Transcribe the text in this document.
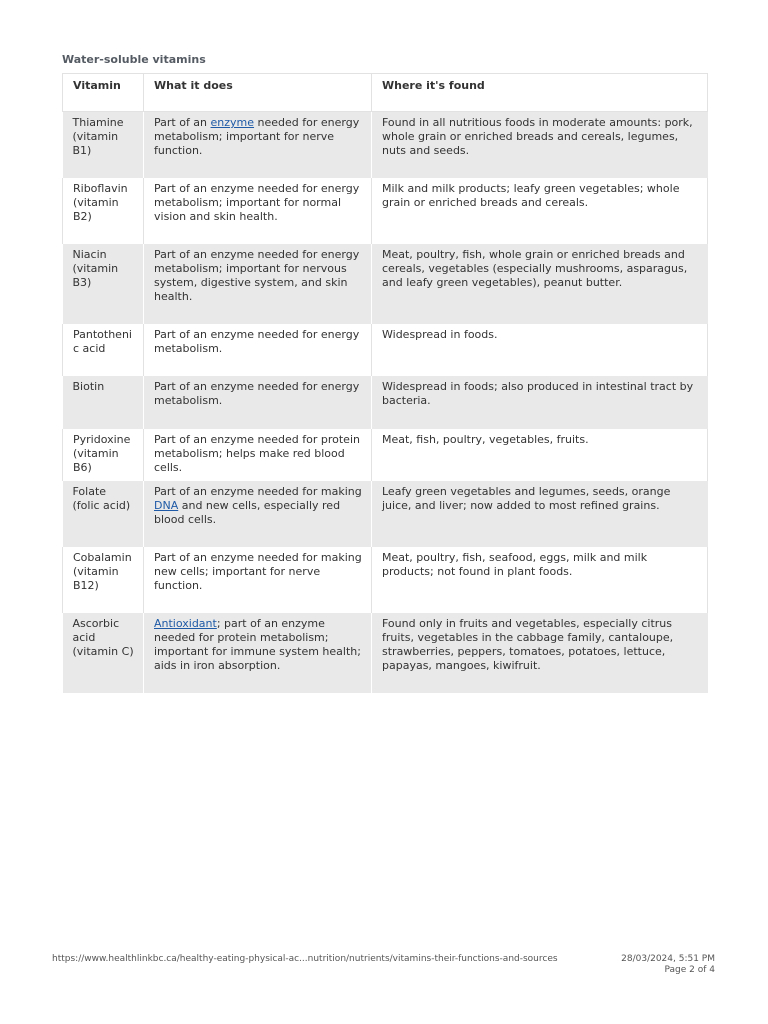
Water-soluble vitamins
Vitamin	What it does	Where it's found
Thiamine (vitamin B1)	Part of an enzyme needed for energy metabolism; important for nerve function.	Found in all nutritious foods in moderate amounts: pork, whole grain or enriched breads and cereals, legumes, nuts and seeds.
Riboflavin (vitamin B2)	Part of an enzyme needed for energy metabolism; important for normal vision and skin health.	Milk and milk products; leafy green vegetables; whole grain or enriched breads and cereals.
Niacin (vitamin B3)	Part of an enzyme needed for energy metabolism; important for nervous system, digestive system, and skin health.	Meat, poultry, fish, whole grain or enriched breads and cereals, vegetables (especially mushrooms, asparagus, and leafy green vegetables), peanut butter.
Pantothenic acid	Part of an enzyme needed for energy metabolism.	Widespread in foods.
Biotin	Part of an enzyme needed for energy metabolism.	Widespread in foods; also produced in intestinal tract by bacteria.
Pyridoxine (vitamin B6)	Part of an enzyme needed for protein metabolism; helps make red blood cells.	Meat, fish, poultry, vegetables, fruits.
Folate (folic acid)	Part of an enzyme needed for making DNA and new cells, especially red blood cells.	Leafy green vegetables and legumes, seeds, orange juice, and liver; now added to most refined grains.
Cobalamin (vitamin B12)	Part of an enzyme needed for making new cells; important for nerve function.	Meat, poultry, fish, seafood, eggs, milk and milk products; not found in plant foods.
Ascorbic acid (vitamin C)	Antioxidant; part of an enzyme needed for protein metabolism; important for immune system health; aids in iron absorption.	Found only in fruits and vegetables, especially citrus fruits, vegetables in the cabbage family, cantaloupe, strawberries, peppers, tomatoes, potatoes, lettuce, papayas, mangoes, kiwifruit.
https://www.healthlinkbc.ca/healthy-eating-physical-ac...nutrition/nutrients/vitamins-their-functions-and-sources	28/03/2024, 5:51 PM
Page 2 of 4
